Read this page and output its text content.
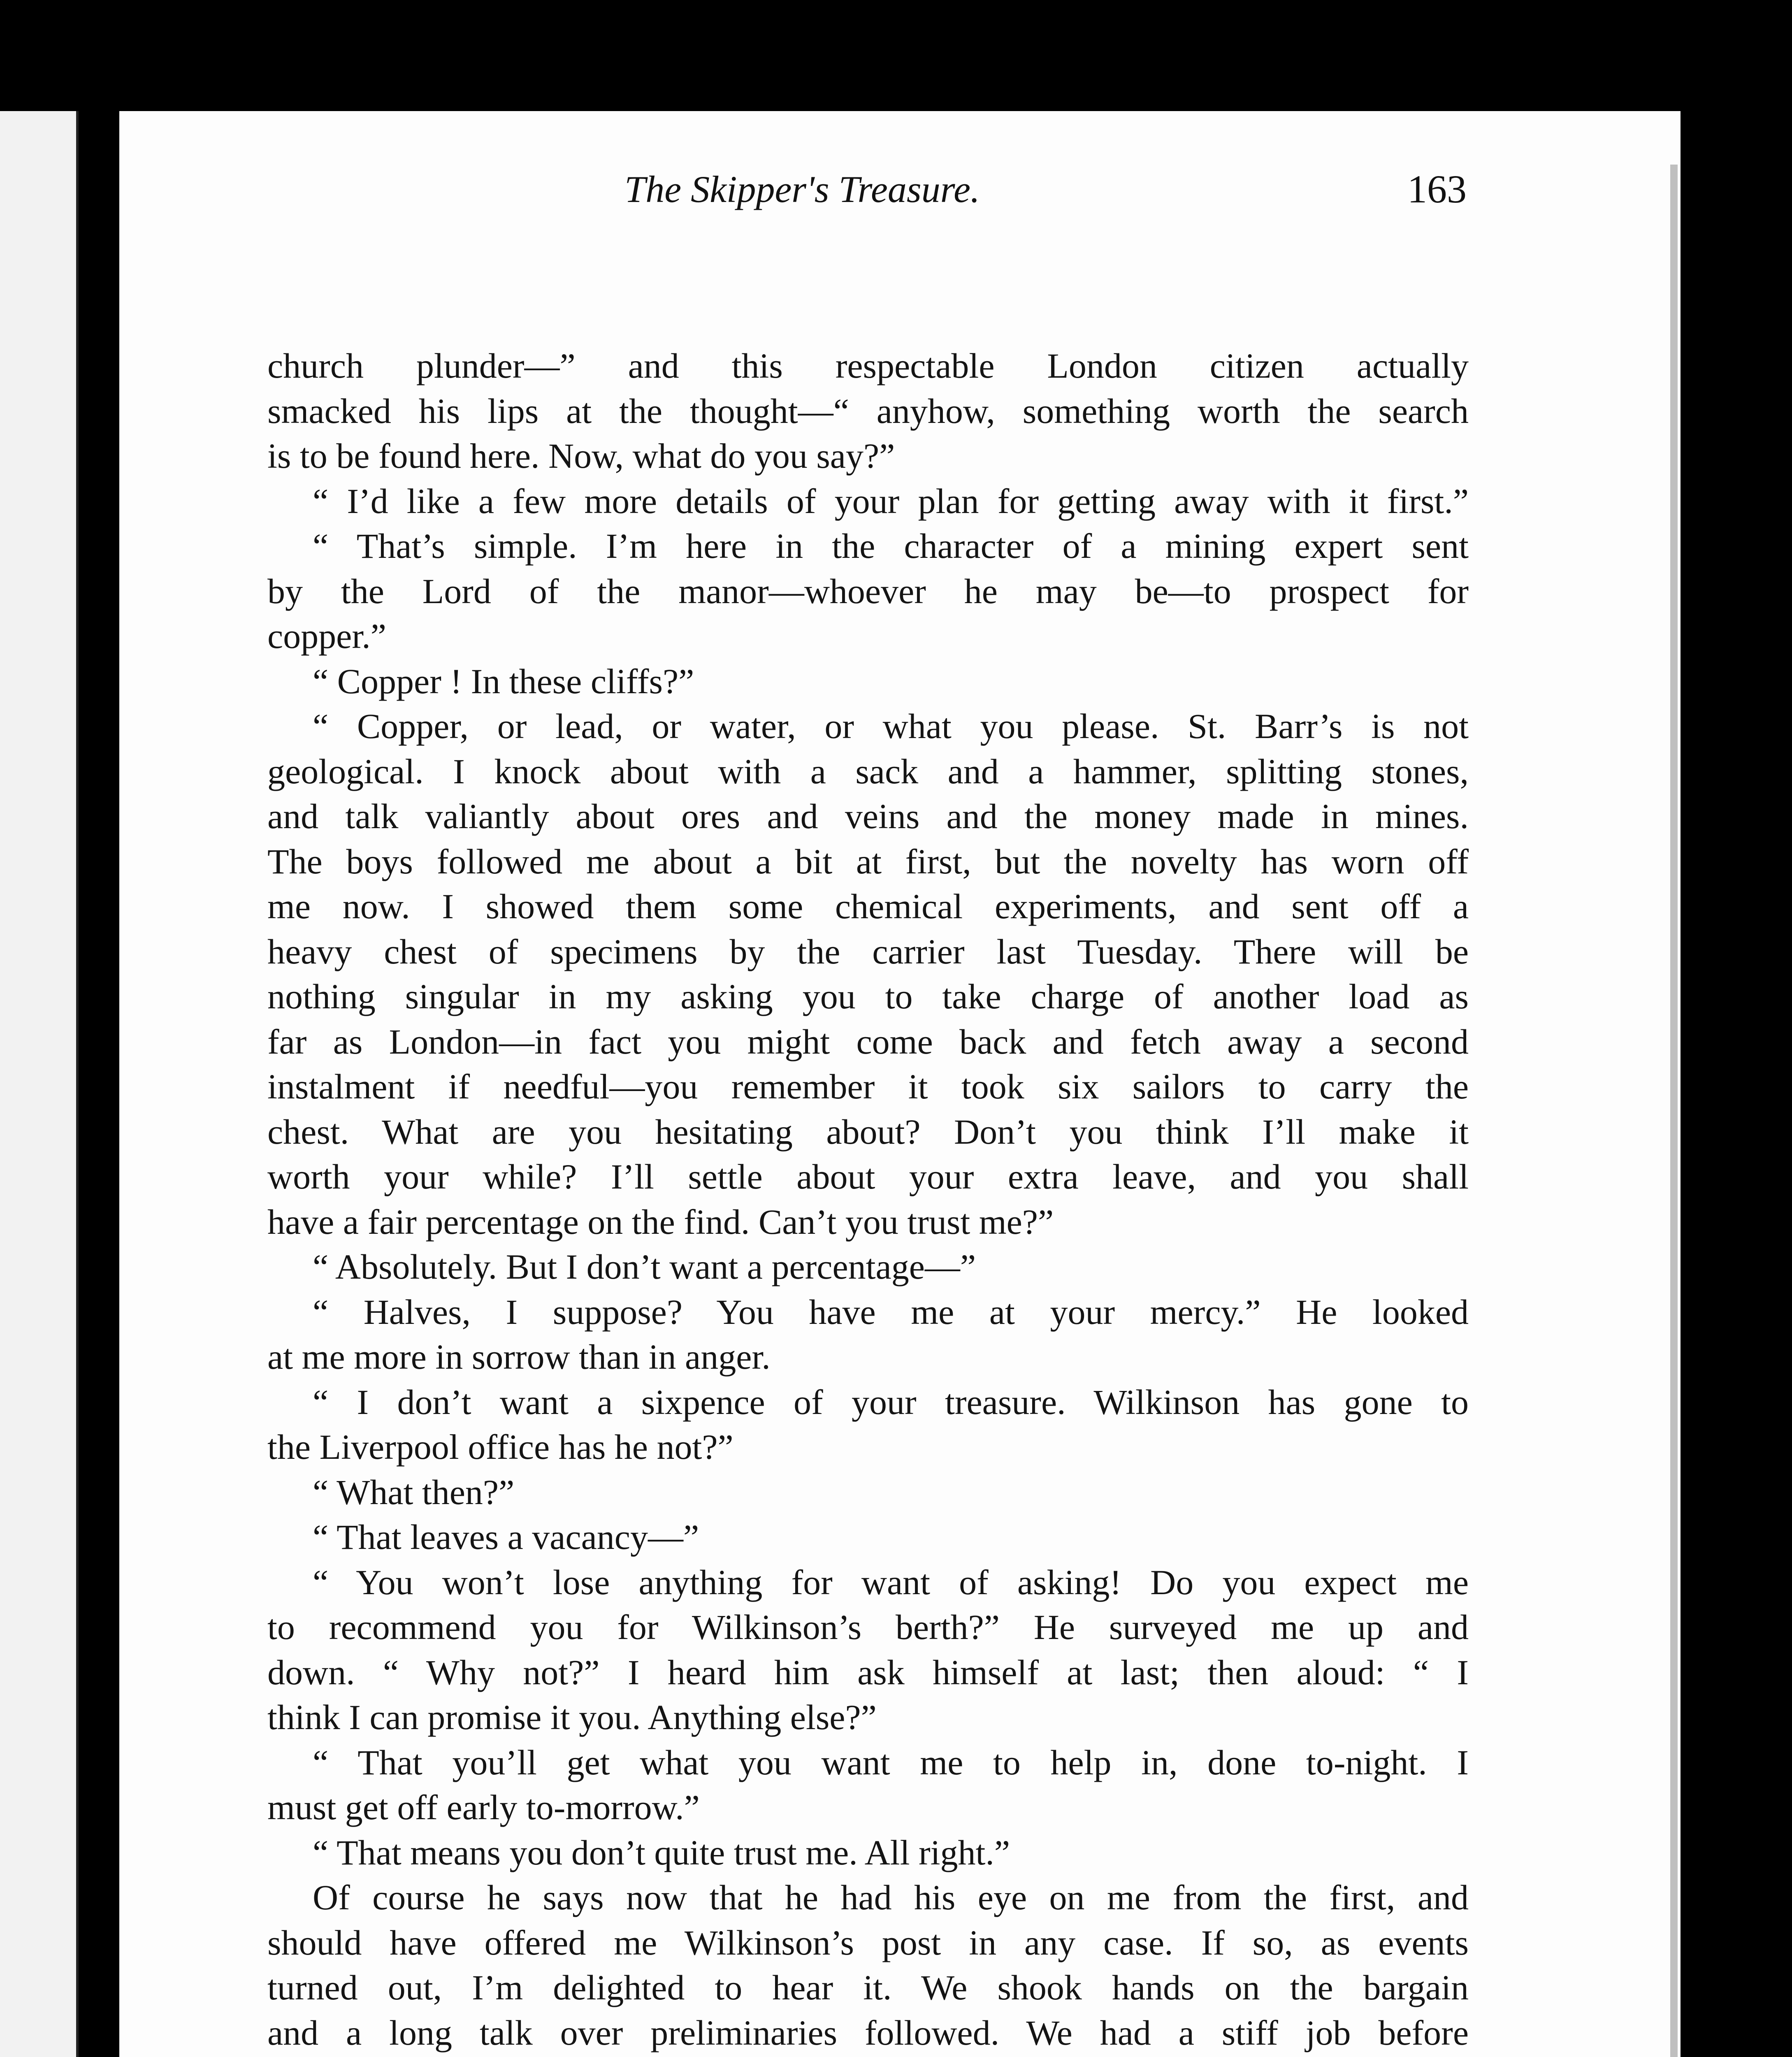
The Skipper's Treasure.	163
church plunder—” and this respectable London citizen actually
smacked his lips at the thought—“ anyhow, something worth the search
is to be found here. Now, what do you say?”
“ I’d like a few more details of your plan for getting away with it first.”
“ That’s simple. I’m here in the character of a mining expert sent
by the Lord of the manor—whoever he may be—to prospect for
copper.”
“ Copper ! In these cliffs?”
“ Copper, or lead, or water, or what you please. St. Barr’s is not
geological. I knock about with a sack and a hammer, splitting stones,
and talk valiantly about ores and veins and the money made in mines.
The boys followed me about a bit at first, but the novelty has worn off
me now. I showed them some chemical experiments, and sent off a
heavy chest of specimens by the carrier last Tuesday. There will be
nothing singular in my asking you to take charge of another load as
far as London—in fact you might come back and fetch away a second
instalment if needful—you remember it took six sailors to carry the
chest. What are you hesitating about? Don’t you think I’ll make it
worth your while? I’ll settle about your extra leave, and you shall
have a fair percentage on the find. Can’t you trust me?”
“ Absolutely. But I don’t want a percentage—”
“ Halves, I suppose? You have me at your mercy.” He looked
at me more in sorrow than in anger.
“ I don’t want a sixpence of your treasure. Wilkinson has gone to
the Liverpool office has he not?”
“ What then?”
“ That leaves a vacancy—”
“ You won’t lose anything for want of asking! Do you expect me
to recommend you for Wilkinson’s berth?” He surveyed me up and
down. “ Why not?” I heard him ask himself at last; then aloud: “ I
think I can promise it you. Anything else?”
“ That you’ll get what you want me to help in, done to-night. I
must get off early to-morrow.”
“ That means you don’t quite trust me. All right.”
Of course he says now that he had his eye on me from the first, and
should have offered me Wilkinson’s post in any case. If so, as events
turned out, I’m delighted to hear it. We shook hands on the bargain
and a long talk over preliminaries followed. We had a stiff job before
